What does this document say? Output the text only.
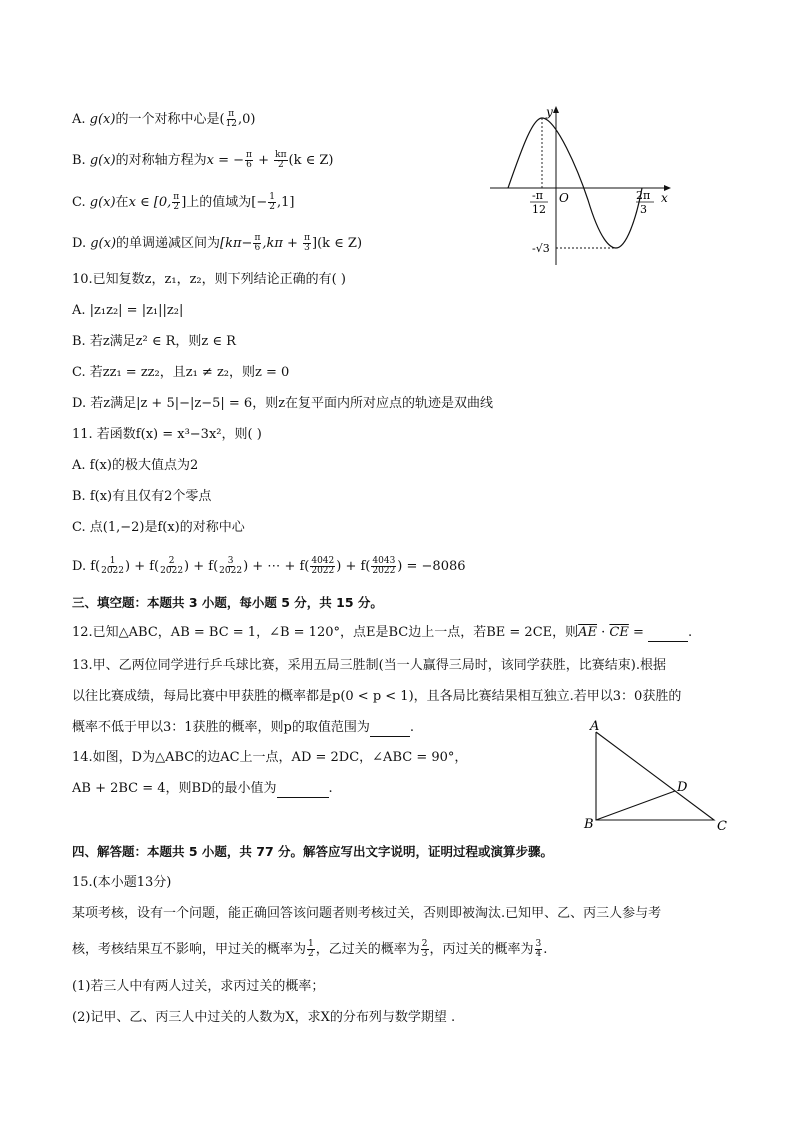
A. g(x)的一个对称中心是( $\frac{\pi}{12} ,0$)
B. g(x)的对称轴方程为x = − $\frac{\pi}{6} + \frac{k\pi}{2} (k$ ∈ Z)
C. g(x)在x ∈ [0, $\frac{\pi}{2}$ ]上的值域为[− $\frac{1}{2} ,1$]
D. g(x)的单调递减区间为$[k\pi- \frac{\pi}{6} ,k\pi + \frac{\pi}{3} ](k$ ∈ Z)
y
x
O
-π
12
2π
3
-√3
10.已知复数z，z₁，z₂，则下列结论正确的有( )
A. |z₁z₂| = |z₁||z₂|
B. 若z满足z² ∈ R，则z ∈ R
C. 若zz₁ = zz₂，且z₁ ≠ z₂，则z = 0
D. 若z满足|z + 5|−|z−5| = 6，则z在复平面内所对应点的轨迹是双曲线
11. 若函数f(x) = x³−3x²，则( )
A. f(x)的极大值点为2
B. f(x)有且仅有2个零点
C. 点(1,−2)是f(x)的对称中心
D. $f( \frac{1}{2022}$ ) + $f( \frac{2}{2022}$ ) + $f( \frac{3}{2022}$ ) + ⋯ + $f( \frac{4042}{2022}$ ) + $f( \frac{4043}{2022}$ ) = −8086
三、填空题：本题共 3 小题，每小题 5 分，共 15 分。
12.已知△ABC，AB = BC = 1，∠B = 120°，点E是BC边上一点，若BE = 2CE，则$\overline{AE} \cdot \overline{CE}$ =	.
13.甲、乙两位同学进行乒乓球比赛，采用五局三胜制(当一人赢得三局时，该同学获胜，比赛结束).根据
以往比赛成绩，每局比赛中甲获胜的概率都是p(0 < p < 1)，且各局比赛结果相互独立.若甲以3：0获胜的
概率不低于甲以3：1获胜的概率，则p的取值范围为	.
14.如图，D为△ABC的边AC上一点，AD = 2DC，∠ABC = 90°，
AB + 2BC = 4，则BD的最小值为	.
A
B	C
D
四、解答题：本题共 5 小题，共 77 分。解答应写出文字说明，证明过程或演算步骤。
15.(本小题13分)
某项考核，设有一个问题，能正确回答该问题者则考核过关，否则即被淘汰.已知甲、乙、丙三人参与考
核，考核结果互不影响，甲过关的概率为 $\frac{1}{2}$ ，乙过关的概率为 $\frac{2}{3}$ ，丙过关的概率为 $\frac{3}{4}$ .
(1)若三人中有两人过关，求丙过关的概率；
(2)记甲、乙、丙三人中过关的人数为X，求X的分布列与数学期望 .
